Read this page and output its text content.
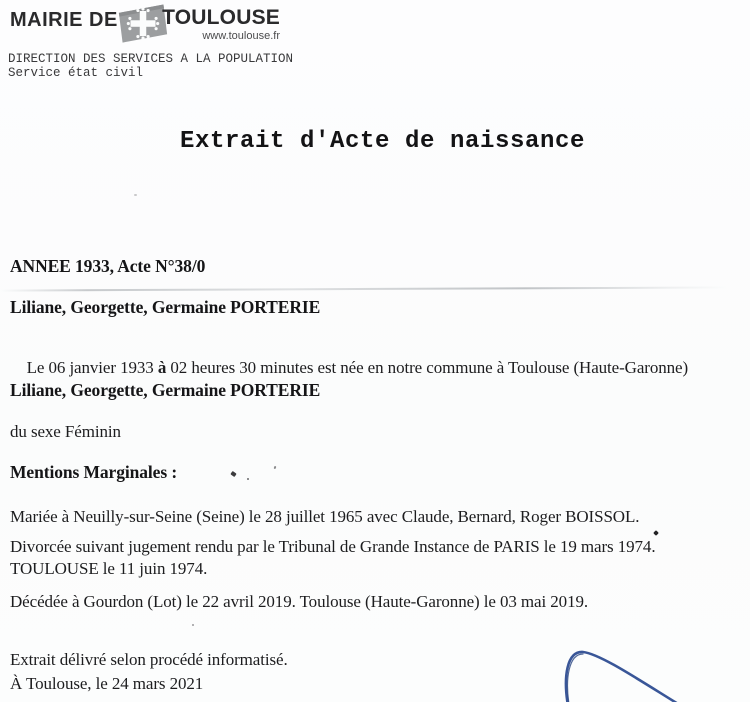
MAIRIE DE TOULOUSE
www.toulouse.fr
DIRECTION DES SERVICES A LA POPULATION
Service état civil
Extrait d'Acte de naissance
ANNEE 1933, Acte N°38/0
Liliane, Georgette, Germaine PORTERIE

Le 06 janvier 1933 à 02 heures 30 minutes est née en notre commune à Toulouse (Haute-Garonne)

Liliane, Georgette, Germaine PORTERIE
du sexe Féminin
Mentions Marginales :
Mariée à Neuilly-sur-Seine (Seine) le 28 juillet 1965 avec Claude, Bernard, Roger BOISSOL.
Divorcée suivant jugement rendu par le Tribunal de Grande Instance de PARIS le 19 mars 1974.
TOULOUSE le 11 juin 1974.
Décédée à Gourdon (Lot) le 22 avril 2019. Toulouse (Haute-Garonne) le 03 mai 2019.
Extrait délivré selon procédé informatisé.
À Toulouse, le 24 mars 2021
